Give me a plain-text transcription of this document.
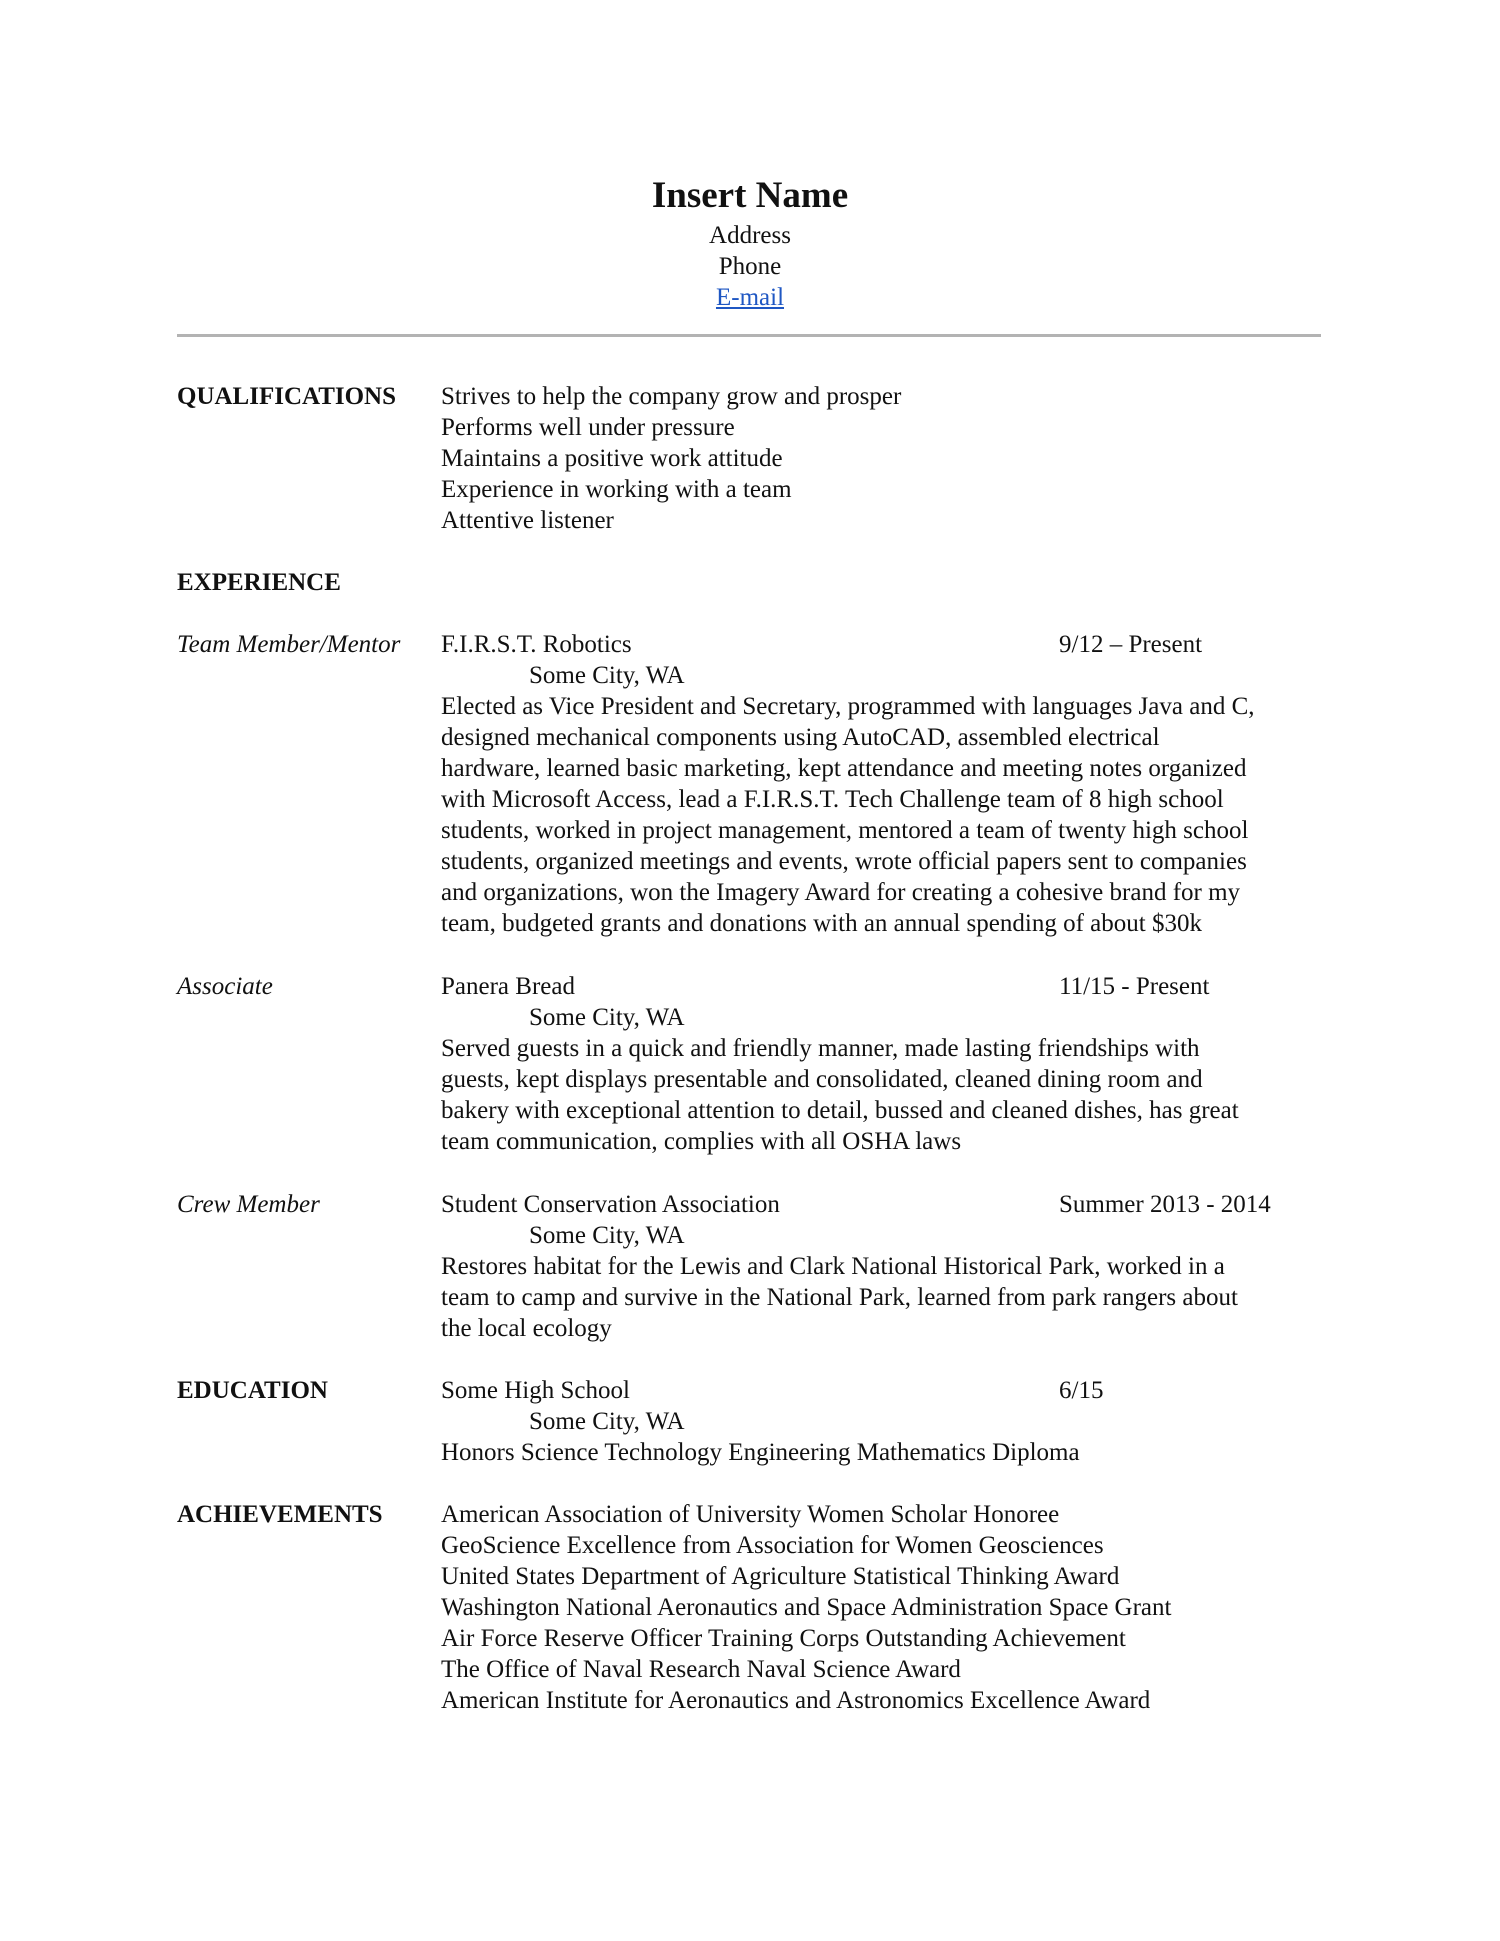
Insert Name
Address
Phone
E-mail
QUALIFICATIONS Strives to help the company grow and prosper
Performs well under pressure
Maintains a positive work attitude
Experience in working with a team
Attentive listener
EXPERIENCE
Team Member/Mentor F.I.R.S.T. Robotics	9/12 – Present
Some City, WA
Elected as Vice President and Secretary, programmed with languages Java and C,
designed mechanical components using AutoCAD, assembled electrical
hardware, learned basic marketing, kept attendance and meeting notes organized
with Microsoft Access, lead a F.I.R.S.T. Tech Challenge team of 8 high school
students, worked in project management, mentored a team of twenty high school
students, organized meetings and events, wrote official papers sent to companies
and organizations, won the Imagery Award for creating a cohesive brand for my
team, budgeted grants and donations with an annual spending of about $30k
Associate	Panera Bread	11/15 - Present
Some City, WA
Served guests in a quick and friendly manner, made lasting friendships with
guests, kept displays presentable and consolidated, cleaned dining room and
bakery with exceptional attention to detail, bussed and cleaned dishes, has great
team communication, complies with all OSHA laws
Crew Member	Student Conservation Association	Summer 2013 - 2014
Some City, WA
Restores habitat for the Lewis and Clark National Historical Park, worked in a
team to camp and survive in the National Park, learned from park rangers about
the local ecology
EDUCATION	Some High School	6/15
Some City, WA
Honors Science Technology Engineering Mathematics Diploma
ACHIEVEMENTS American Association of University Women Scholar Honoree
GeoScience Excellence from Association for Women Geosciences
United States Department of Agriculture Statistical Thinking Award
Washington National Aeronautics and Space Administration Space Grant
Air Force Reserve Officer Training Corps Outstanding Achievement
The Office of Naval Research Naval Science Award
American Institute for Aeronautics and Astronomics Excellence Award
